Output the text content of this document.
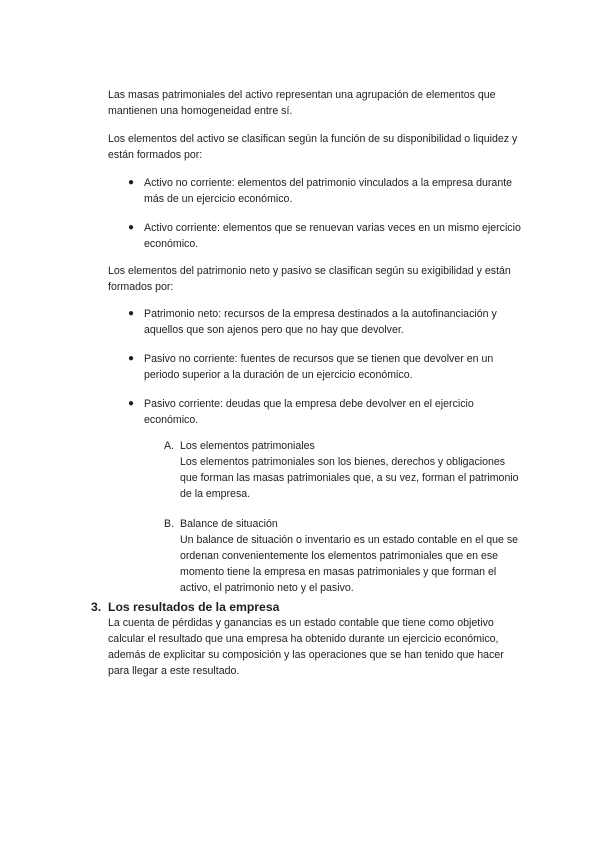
Las masas patrimoniales del activo representan una agrupación de elementos que mantienen una homogeneidad entre sí.

Los elementos del activo se clasifican según la función de su disponibilidad o liquidez y están formados por:

● Activo no corriente: elementos del patrimonio vinculados a la empresa durante más de un ejercicio económico.
● Activo corriente: elementos que se renuevan varias veces en un mismo ejercicio económico.

Los elementos del patrimonio neto y pasivo se clasifican según su exigibilidad y están formados por:

● Patrimonio neto: recursos de la empresa destinados a la autofinanciación y aquellos que son ajenos pero que no hay que devolver.
● Pasivo no corriente: fuentes de recursos que se tienen que devolver en un periodo superior a la duración de un ejercicio económico.
● Pasivo corriente: deudas que la empresa debe devolver en el ejercicio económico.
A. Los elementos patrimoniales
Los elementos patrimoniales son los bienes, derechos y obligaciones que forman las masas patrimoniales que, a su vez, forman el patrimonio de la empresa.
B. Balance de situación
Un balance de situación o inventario es un estado contable en el que se ordenan convenientemente los elementos patrimoniales que en ese momento tiene la empresa en masas patrimoniales y que forman el activo, el patrimonio neto y el pasivo.
3. Los resultados de la empresa

La cuenta de pérdidas y ganancias es un estado contable que tiene como objetivo calcular el resultado que una empresa ha obtenido durante un ejercicio económico, además de explicitar su composición y las operaciones que se han tenido que hacer para llegar a este resultado.
